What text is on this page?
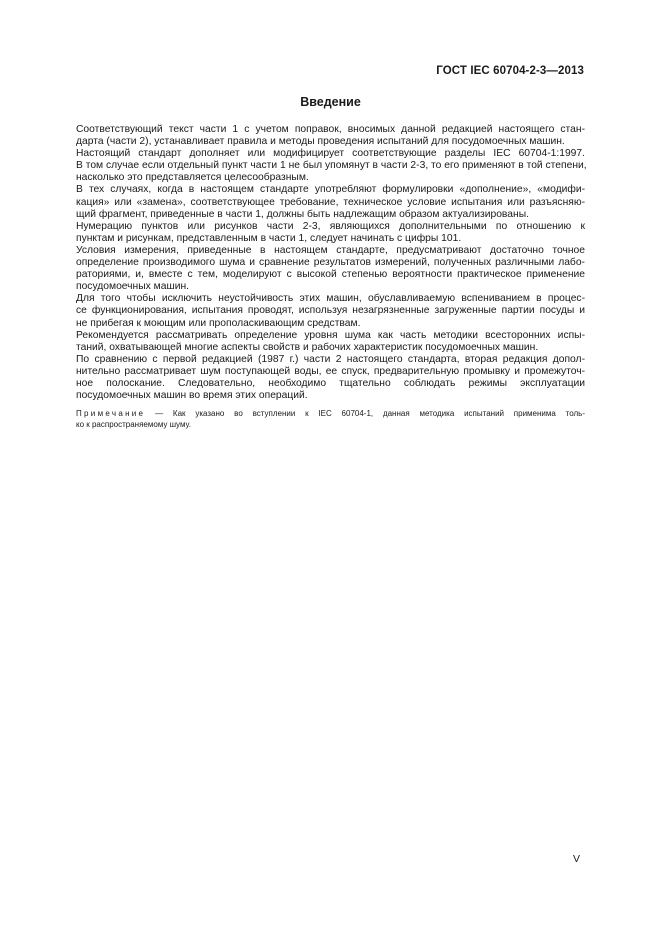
ГОСТ IEC 60704-2-3—2013
Введение

Соответствующий текст части 1 с учетом поправок, вносимых данной редакцией настоящего стан-
дарта (части 2), устанавливает правила и методы проведения испытаний для посудомоечных машин.

Настоящий стандарт дополняет или модифицирует соответствующие разделы IEC 60704-1:1997.
В том случае если отдельный пункт части 1 не был упомянут в части 2-3, то его применяют в той степени,
насколько это представляется целесообразным.

В тех случаях, когда в настоящем стандарте употребляют формулировки «дополнение», «модифи-
кация» или «замена», соответствующее требование, техническое условие испытания или разъясняю-
щий фрагмент, приведенные в части 1, должны быть надлежащим образом актуализированы.

Нумерацию пунктов или рисунков части 2-3, являющихся дополнительными по отношению к
пунктам и рисункам, представленным в части 1, следует начинать с цифры 101.

Условия измерения, приведенные в настоящем стандарте, предусматривают достаточно точное
определение производимого шума и сравнение результатов измерений, полученных различными лабо-
раториями, и, вместе с тем, моделируют с высокой степенью вероятности практическое применение
посудомоечных машин.

Для того чтобы исключить неустойчивость этих машин, обуславливаемую вспениванием в процес-
се функционирования, испытания проводят, используя незагрязненные загруженные партии посуды и
не прибегая к моющим или прополаскивающим средствам.

Рекомендуется рассматривать определение уровня шума как часть методики всесторонних испы-
таний, охватывающей многие аспекты свойств и рабочих характеристик посудомоечных машин.

По сравнению с первой редакцией (1987 г.) части 2 настоящего стандарта, вторая редакция допол-
нительно рассматривает шум поступающей воды, ее спуск, предварительную промывку и промежуточ-
ное полоскание. Следовательно, необходимо тщательно соблюдать режимы эксплуатации
посудомоечных машин во время этих операций.

Примечание — Как указано во вступлении к IEC 60704-1, данная методика испытаний применима толь-
ко к распространяемому шуму.
V
